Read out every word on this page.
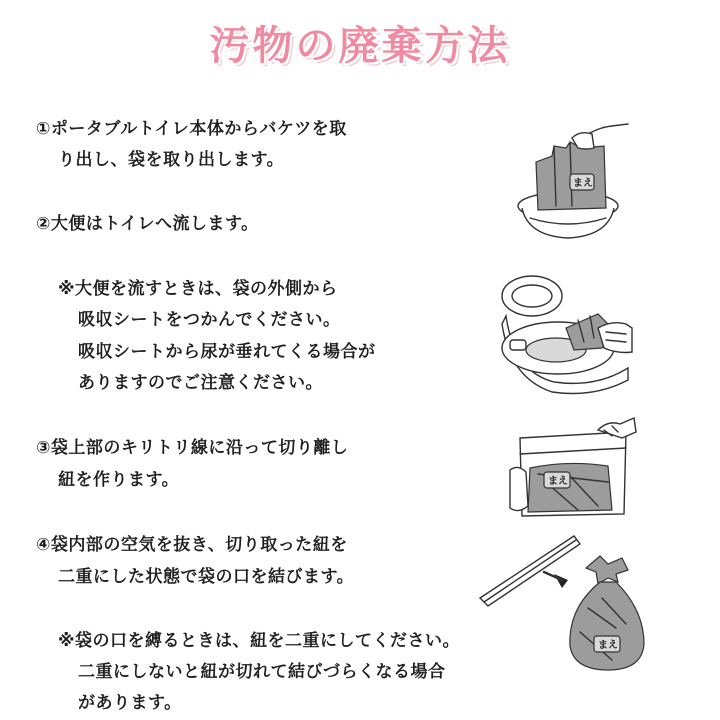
汚物の廃棄方法
①ポータブルトイレ本体からバケツを取
り出し、袋を取り出します。
②大便はトイレへ流します。
※大便を流すときは、袋の外側から
吸収シートをつかんでください。
吸収シートから尿が垂れてくる場合が
ありますのでご注意ください。
③袋上部のキリトリ線に沿って切り離し
紐を作ります。
④袋内部の空気を抜き、切り取った紐を
二重にした状態で袋の口を結びます。
※袋の口を縛るときは、紐を二重にしてください。
二重にしないと紐が切れて結びづらくなる場合
があります。
まえ
まえ
まえ
